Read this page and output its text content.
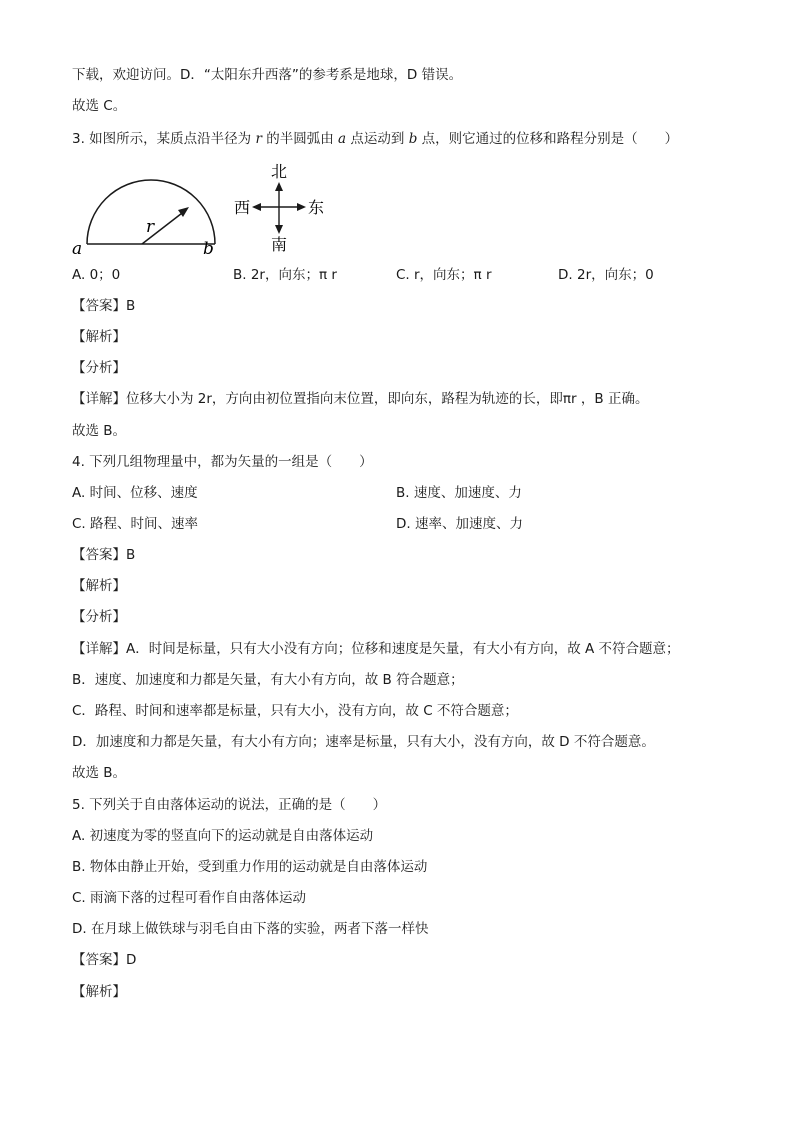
下载，欢迎访问。D．“太阳东升西落”的参考系是地球，D 错误。
故选 C。
3. 如图所示，某质点沿半径为 r 的半圆弧由 a 点运动到 b 点，则它通过的位移和路程分别是（　　）
a	b
r
北
南
西	东
A. 0；0	B. 2r，向东；π r	C. r，向东；π r	D. 2r，向东；0
【答案】B
【解析】
【分析】
【详解】位移大小为 2r，方向由初位置指向末位置，即向东，路程为轨迹的长，即πr ，B 正确。
故选 B。
4. 下列几组物理量中，都为矢量的一组是（　　）
A. 时间、位移、速度	B. 速度、加速度、力
C. 路程、时间、速率	D. 速率、加速度、力
【答案】B
【解析】
【分析】
【详解】A．时间是标量，只有大小没有方向；位移和速度是矢量，有大小有方向，故 A 不符合题意；
B．速度、加速度和力都是矢量，有大小有方向，故 B 符合题意；
C．路程、时间和速率都是标量，只有大小，没有方向，故 C 不符合题意；
D．加速度和力都是矢量，有大小有方向；速率是标量，只有大小，没有方向，故 D 不符合题意。
故选 B。
5. 下列关于自由落体运动的说法，正确的是（　　）
A. 初速度为零的竖直向下的运动就是自由落体运动
B. 物体由静止开始，受到重力作用的运动就是自由落体运动
C. 雨滴下落的过程可看作自由落体运动
D. 在月球上做铁球与羽毛自由下落的实验，两者下落一样快
【答案】D
【解析】
